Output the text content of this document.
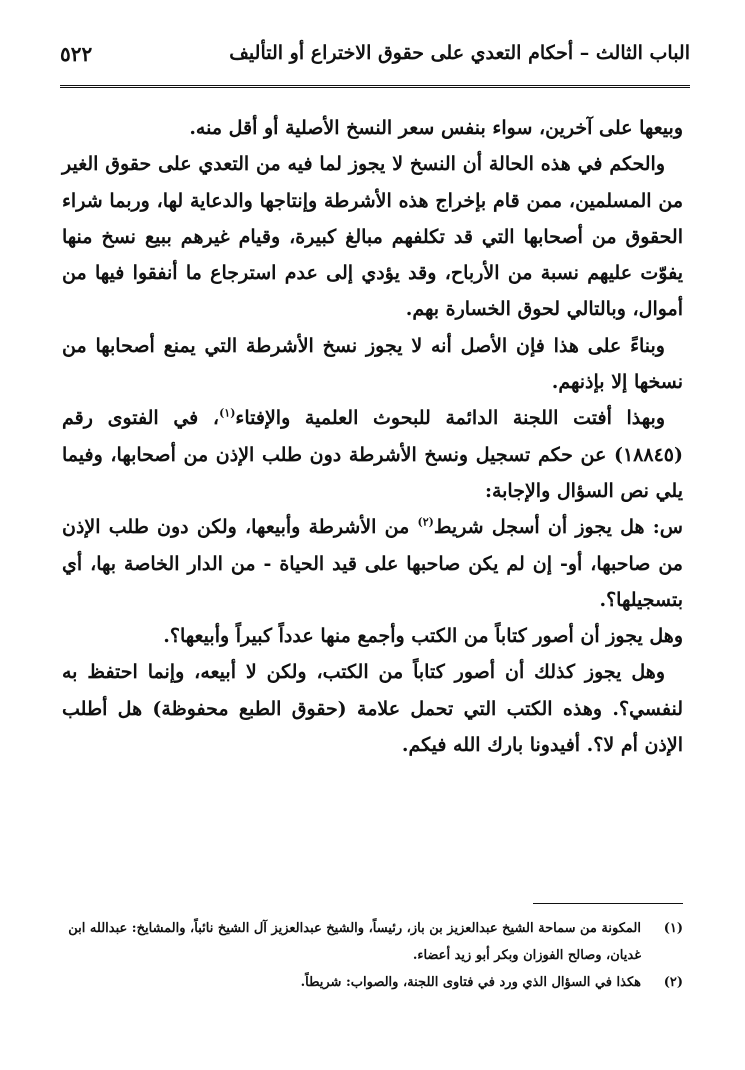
الباب الثالث – أحكام التعدي على حقوق الاختراع أو التأليف
٥٢٢

وبيعها على آخرين، سواء بنفس سعر النسخ الأصلية أو أقل منه.

والحكم في هذه الحالة أن النسخ لا يجوز لما فيه من التعدي على حقوق الغير من المسلمين، ممن قام بإخراج هذه الأشرطة وإنتاجها والدعاية لها، وربما شراء الحقوق من أصحابها التي قد تكلفهم مبالغ كبيرة، وقيام غيرهم ببيع نسخ منها يفوّت عليهم نسبة من الأرباح، وقد يؤدي إلى عدم استرجاع ما أنفقوا فيها من أموال، وبالتالي لحوق الخسارة بهم.

وبناءً على هذا فإن الأصل أنه لا يجوز نسخ الأشرطة التي يمنع أصحابها من نسخها إلا بإذنهم.

وبهذا أفتت اللجنة الدائمة للبحوث العلمية والإفتاء$^{(١)}$، في الفتوى رقم (١٨٨٤٥) عن حكم تسجيل ونسخ الأشرطة دون طلب الإذن من أصحابها، وفيما يلي نص السؤال والإجابة:

س: هل يجوز أن أسجل شريط$^{(٢)}$ من الأشرطة وأبيعها، ولكن دون طلب الإذن من صاحبها، أو- إن لم يكن صاحبها على قيد الحياة - من الدار الخاصة بها، أي بتسجيلها؟.

وهل يجوز أن أصور كتاباً من الكتب وأجمع منها عدداً كبيراً وأبيعها؟.

وهل يجوز كذلك أن أصور كتاباً من الكتب، ولكن لا أبيعه، وإنما احتفظ به لنفسي؟. وهذه الكتب التي تحمل علامة (حقوق الطبع محفوظة) هل أطلب الإذن أم لا؟. أفيدونا بارك الله فيكم.

(١)
المكونة من سماحة الشيخ عبدالعزيز بن باز، رئيساً، والشيخ عبدالعزيز آل الشيخ نائباً، والمشايخ: عبدالله ابن غديان، وصالح الفوزان وبكر أبو زيد أعضاء.
(٢)
هكذا في السؤال الذي ورد في فتاوى اللجنة، والصواب: شريطاً.
